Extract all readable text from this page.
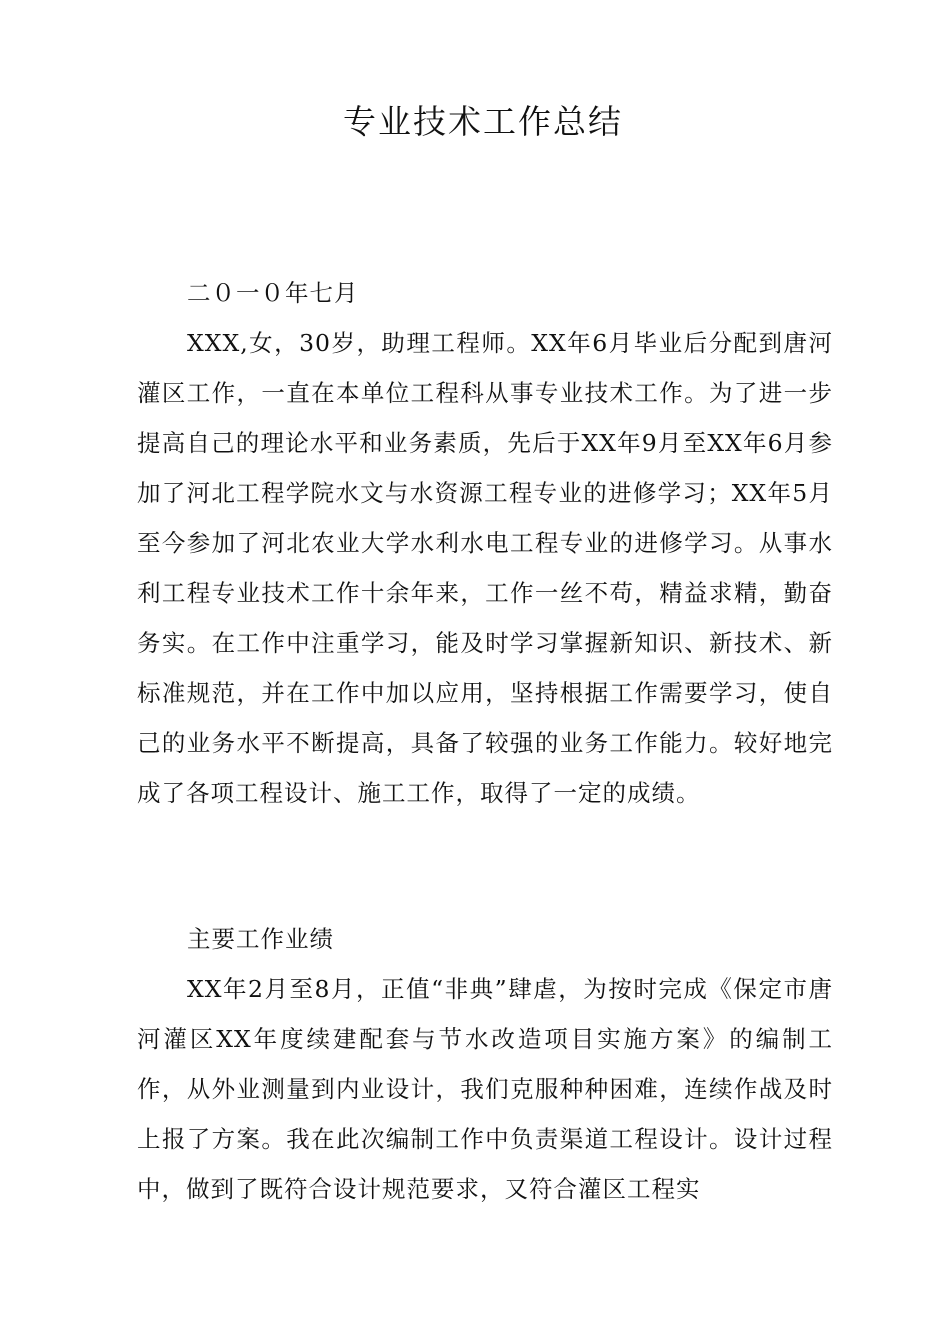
专业技术工作总结

二０一０年七月

XXX,女，30岁，助理工程师。XX年6月毕业后分配到唐河灌区工作，一直在本单位工程科从事专业技术工作。为了进一步提高自己的理论水平和业务素质，先后于XX年9月至XX年6月参加了河北工程学院水文与水资源工程专业的进修学习；XX年5月至今参加了河北农业大学水利水电工程专业的进修学习。从事水利工程专业技术工作十余年来，工作一丝不苟，精益求精，勤奋务实。在工作中注重学习，能及时学习掌握新知识、新技术、新标准规范，并在工作中加以应用，坚持根据工作需要学习，使自己的业务水平不断提高，具备了较强的业务工作能力。较好地完成了各项工程设计、施工工作，取得了一定的成绩。

主要工作业绩

XX年2月至8月，正值“非典”肆虐，为按时完成《保定市唐河灌区XX年度续建配套与节水改造项目实施方案》的编制工作，从外业测量到内业设计，我们克服种种困难，连续作战及时上报了方案。我在此次编制工作中负责渠道工程设计。设计过程中，做到了既符合设计规范要求，又符合灌区工程实
